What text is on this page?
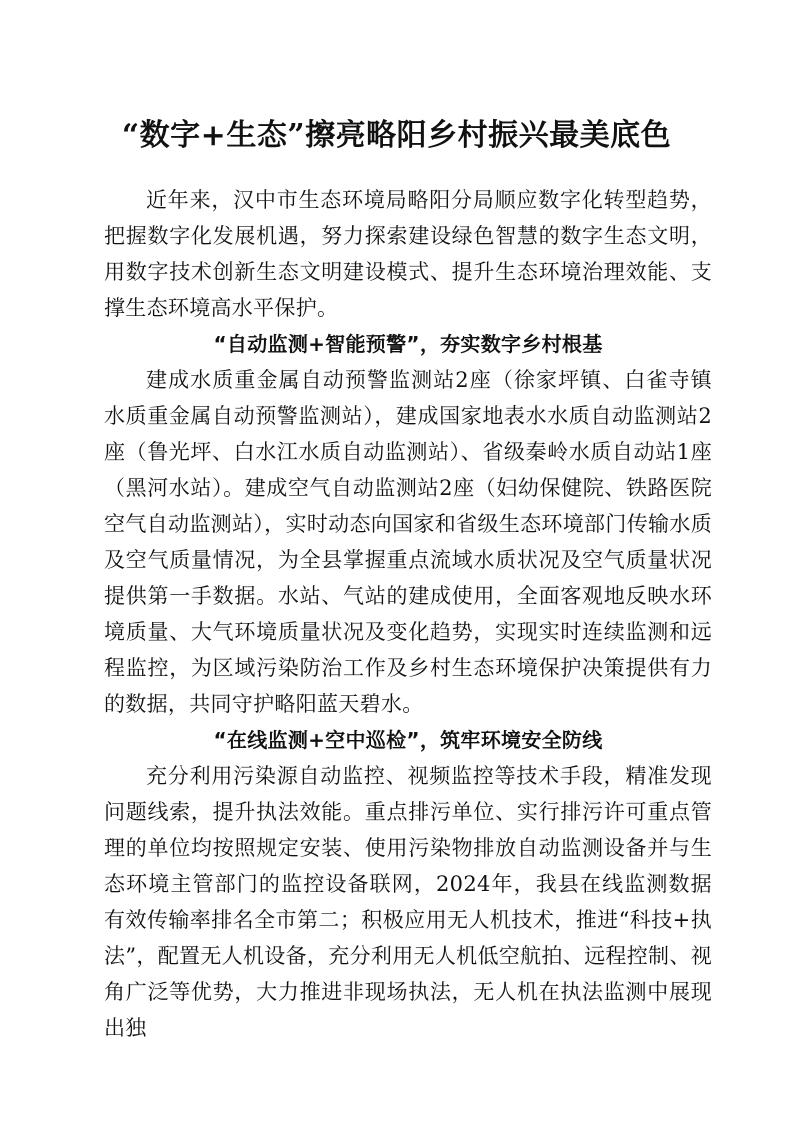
“数字+生态”擦亮略阳乡村振兴最美底色

近年来，汉中市生态环境局略阳分局顺应数字化转型趋势，把握数字化发展机遇，努力探索建设绿色智慧的数字生态文明，用数字技术创新生态文明建设模式、提升生态环境治理效能、支撑生态环境高水平保护。

“自动监测+智能预警”，夯实数字乡村根基

建成水质重金属自动预警监测站2座（徐家坪镇、白雀寺镇水质重金属自动预警监测站），建成国家地表水水质自动监测站2座（鲁光坪、白水江水质自动监测站）、省级秦岭水质自动站1座（黑河水站）。建成空气自动监测站2座（妇幼保健院、铁路医院空气自动监测站），实时动态向国家和省级生态环境部门传输水质及空气质量情况，为全县掌握重点流域水质状况及空气质量状况提供第一手数据。水站、气站的建成使用，全面客观地反映水环境质量、大气环境质量状况及变化趋势，实现实时连续监测和远程监控，为区域污染防治工作及乡村生态环境保护决策提供有力的数据，共同守护略阳蓝天碧水。

“在线监测+空中巡检”，筑牢环境安全防线

充分利用污染源自动监控、视频监控等技术手段，精准发现问题线索，提升执法效能。重点排污单位、实行排污许可重点管理的单位均按照规定安装、使用污染物排放自动监测设备并与生态环境主管部门的监控设备联网，2024年，我县在线监测数据有效传输率排名全市第二；积极应用无人机技术，推进“科技+执法”，配置无人机设备，充分利用无人机低空航拍、远程控制、视角广泛等优势，大力推进非现场执法，无人机在执法监测中展现出独
